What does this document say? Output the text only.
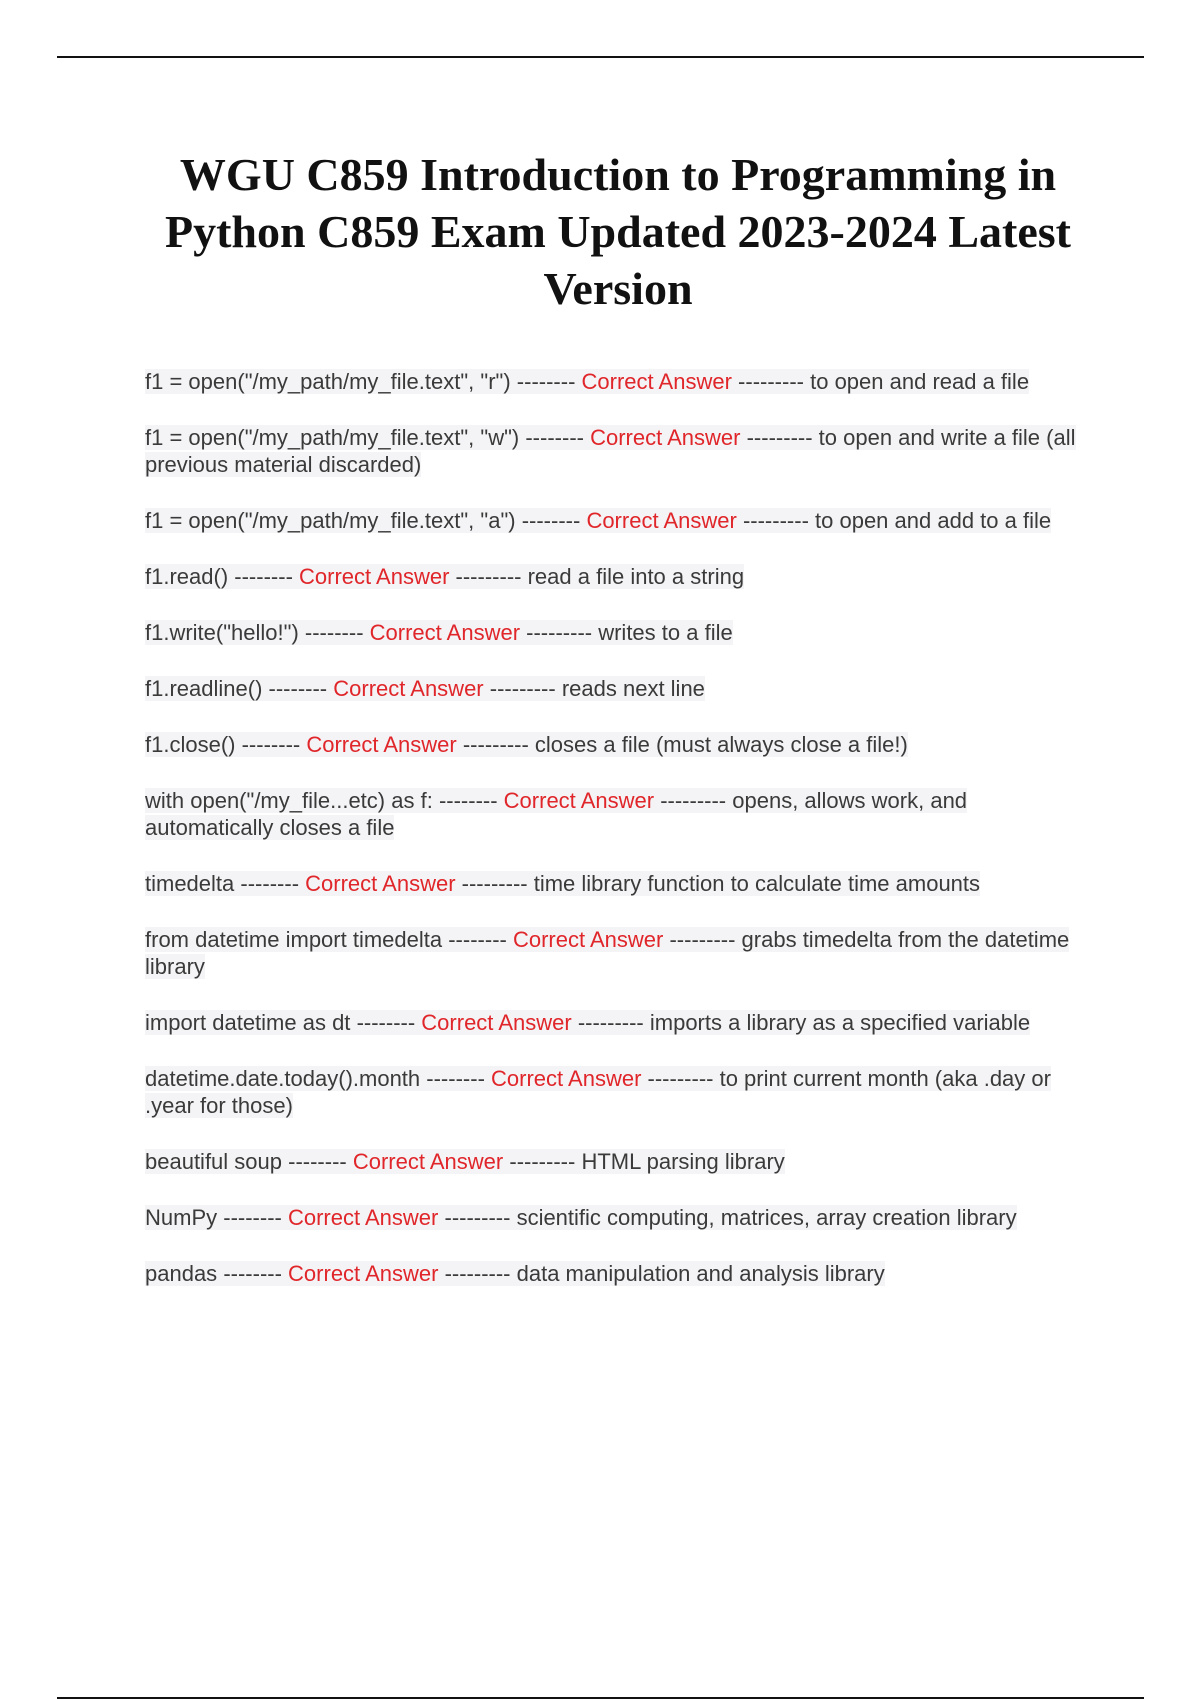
WGU C859 Introduction to Programming in Python C859 Exam Updated 2023-2024 Latest Version
f1 = open("/my_path/my_file.text", "r") -------- Correct Answer --------- to open and read a file
f1 = open("/my_path/my_file.text", "w") -------- Correct Answer --------- to open and write a file (all previous material discarded)
f1 = open("/my_path/my_file.text", "a") -------- Correct Answer --------- to open and add to a file
f1.read() -------- Correct Answer --------- read a file into a string
f1.write("hello!") -------- Correct Answer --------- writes to a file
f1.readline() -------- Correct Answer --------- reads next line
f1.close() -------- Correct Answer --------- closes a file (must always close a file!)
with open("/my_file...etc) as f: -------- Correct Answer --------- opens, allows work, and automatically closes a file
timedelta -------- Correct Answer --------- time library function to calculate time amounts
from datetime import timedelta -------- Correct Answer --------- grabs timedelta from the datetime library
import datetime as dt -------- Correct Answer --------- imports a library as a specified variable
datetime.date.today().month -------- Correct Answer --------- to print current month (aka .day or .year for those)
beautiful soup -------- Correct Answer --------- HTML parsing library
NumPy -------- Correct Answer --------- scientific computing, matrices, array creation library
pandas -------- Correct Answer --------- data manipulation and analysis library
